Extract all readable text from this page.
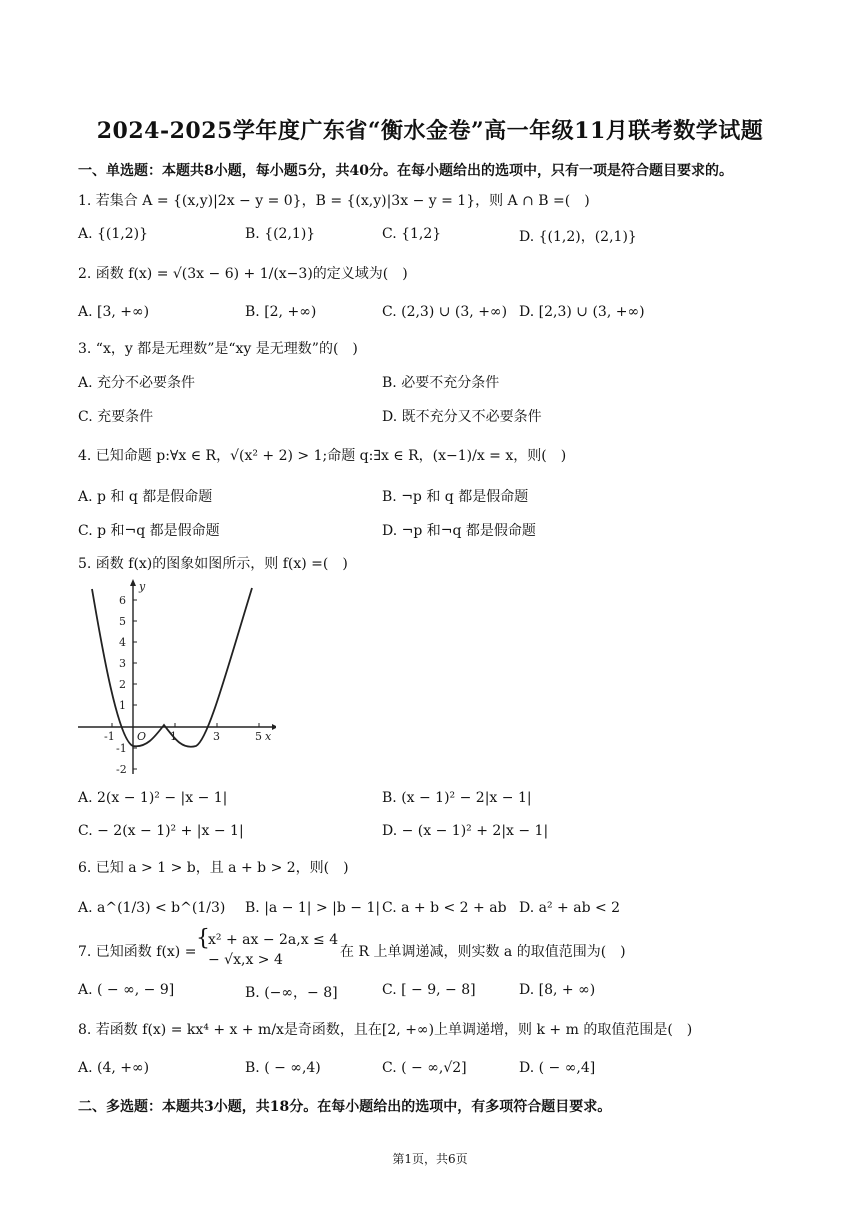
2024-2025学年度广东省“衡水金卷”高一年级11月联考数学试题
一、单选题：本题共8小题，每小题5分，共40分。在每小题给出的选项中，只有一项是符合题目要求的。
1. 若集合 A = {(x,y)|2x − y = 0}，B = {(x,y)|3x − y = 1}，则 A ∩ B =(　)
A. {(1,2)}	B. {(2,1)}	C. {1,2}	D. {(1,2)，(2,1)}
2. 函数 f(x) = √(3x − 6) + 1/(x−3)的定义域为(　)
A. [3, +∞)	B. [2, +∞)	C. (2,3) ∪ (3, +∞) D. [2,3) ∪ (3, +∞)
3. “x，y 都是无理数”是“xy 是无理数”的(　)
A. 充分不必要条件	B. 必要不充分条件
C. 充要条件	D. 既不充分又不必要条件
4. 已知命题 p:∀x ∈ R，√(x² + 2) > 1;命题 q:∃x ∈ R，(x−1)/x = x，则(　)
A. p 和 q 都是假命题	B. ¬p 和 q 都是假命题
C. p 和¬q 都是假命题	D. ¬p 和¬q 都是假命题
5. 函数 f(x)的图象如图所示，则 f(x) =(　)
y
x
O
6
5
4
3
2
1
-1
-2
-1	1	3	5
A. 2(x − 1)² − |x − 1|	B. (x − 1)² − 2|x − 1|
C. − 2(x − 1)² + |x − 1|	D. − (x − 1)² + 2|x − 1|
6. 已知 a > 1 > b，且 a + b > 2，则(　)
A. a^(1/3) < b^(1/3) B. |a − 1| > |b − 1| C. a + b < 2 + ab D. a² + ab < 2
7. 已知函数 f(x) =
{
x² + ax − 2a,x ≤ 4
− √x,x > 4	在 R 上单调递减，则实数 a 的取值范围为(　)
A. ( − ∞, − 9]	B. (−∞，− 8]	C. [ − 9, − 8]	D. [8, + ∞)
8. 若函数 f(x) = kx⁴ + x + m/x是奇函数，且在[2, +∞)上单调递增，则 k + m 的取值范围是(　)
A. (4, +∞)	B. ( − ∞,4)	C. ( − ∞,√2]	D. ( − ∞,4]
二、多选题：本题共3小题，共18分。在每小题给出的选项中，有多项符合题目要求。
第1页，共6页
